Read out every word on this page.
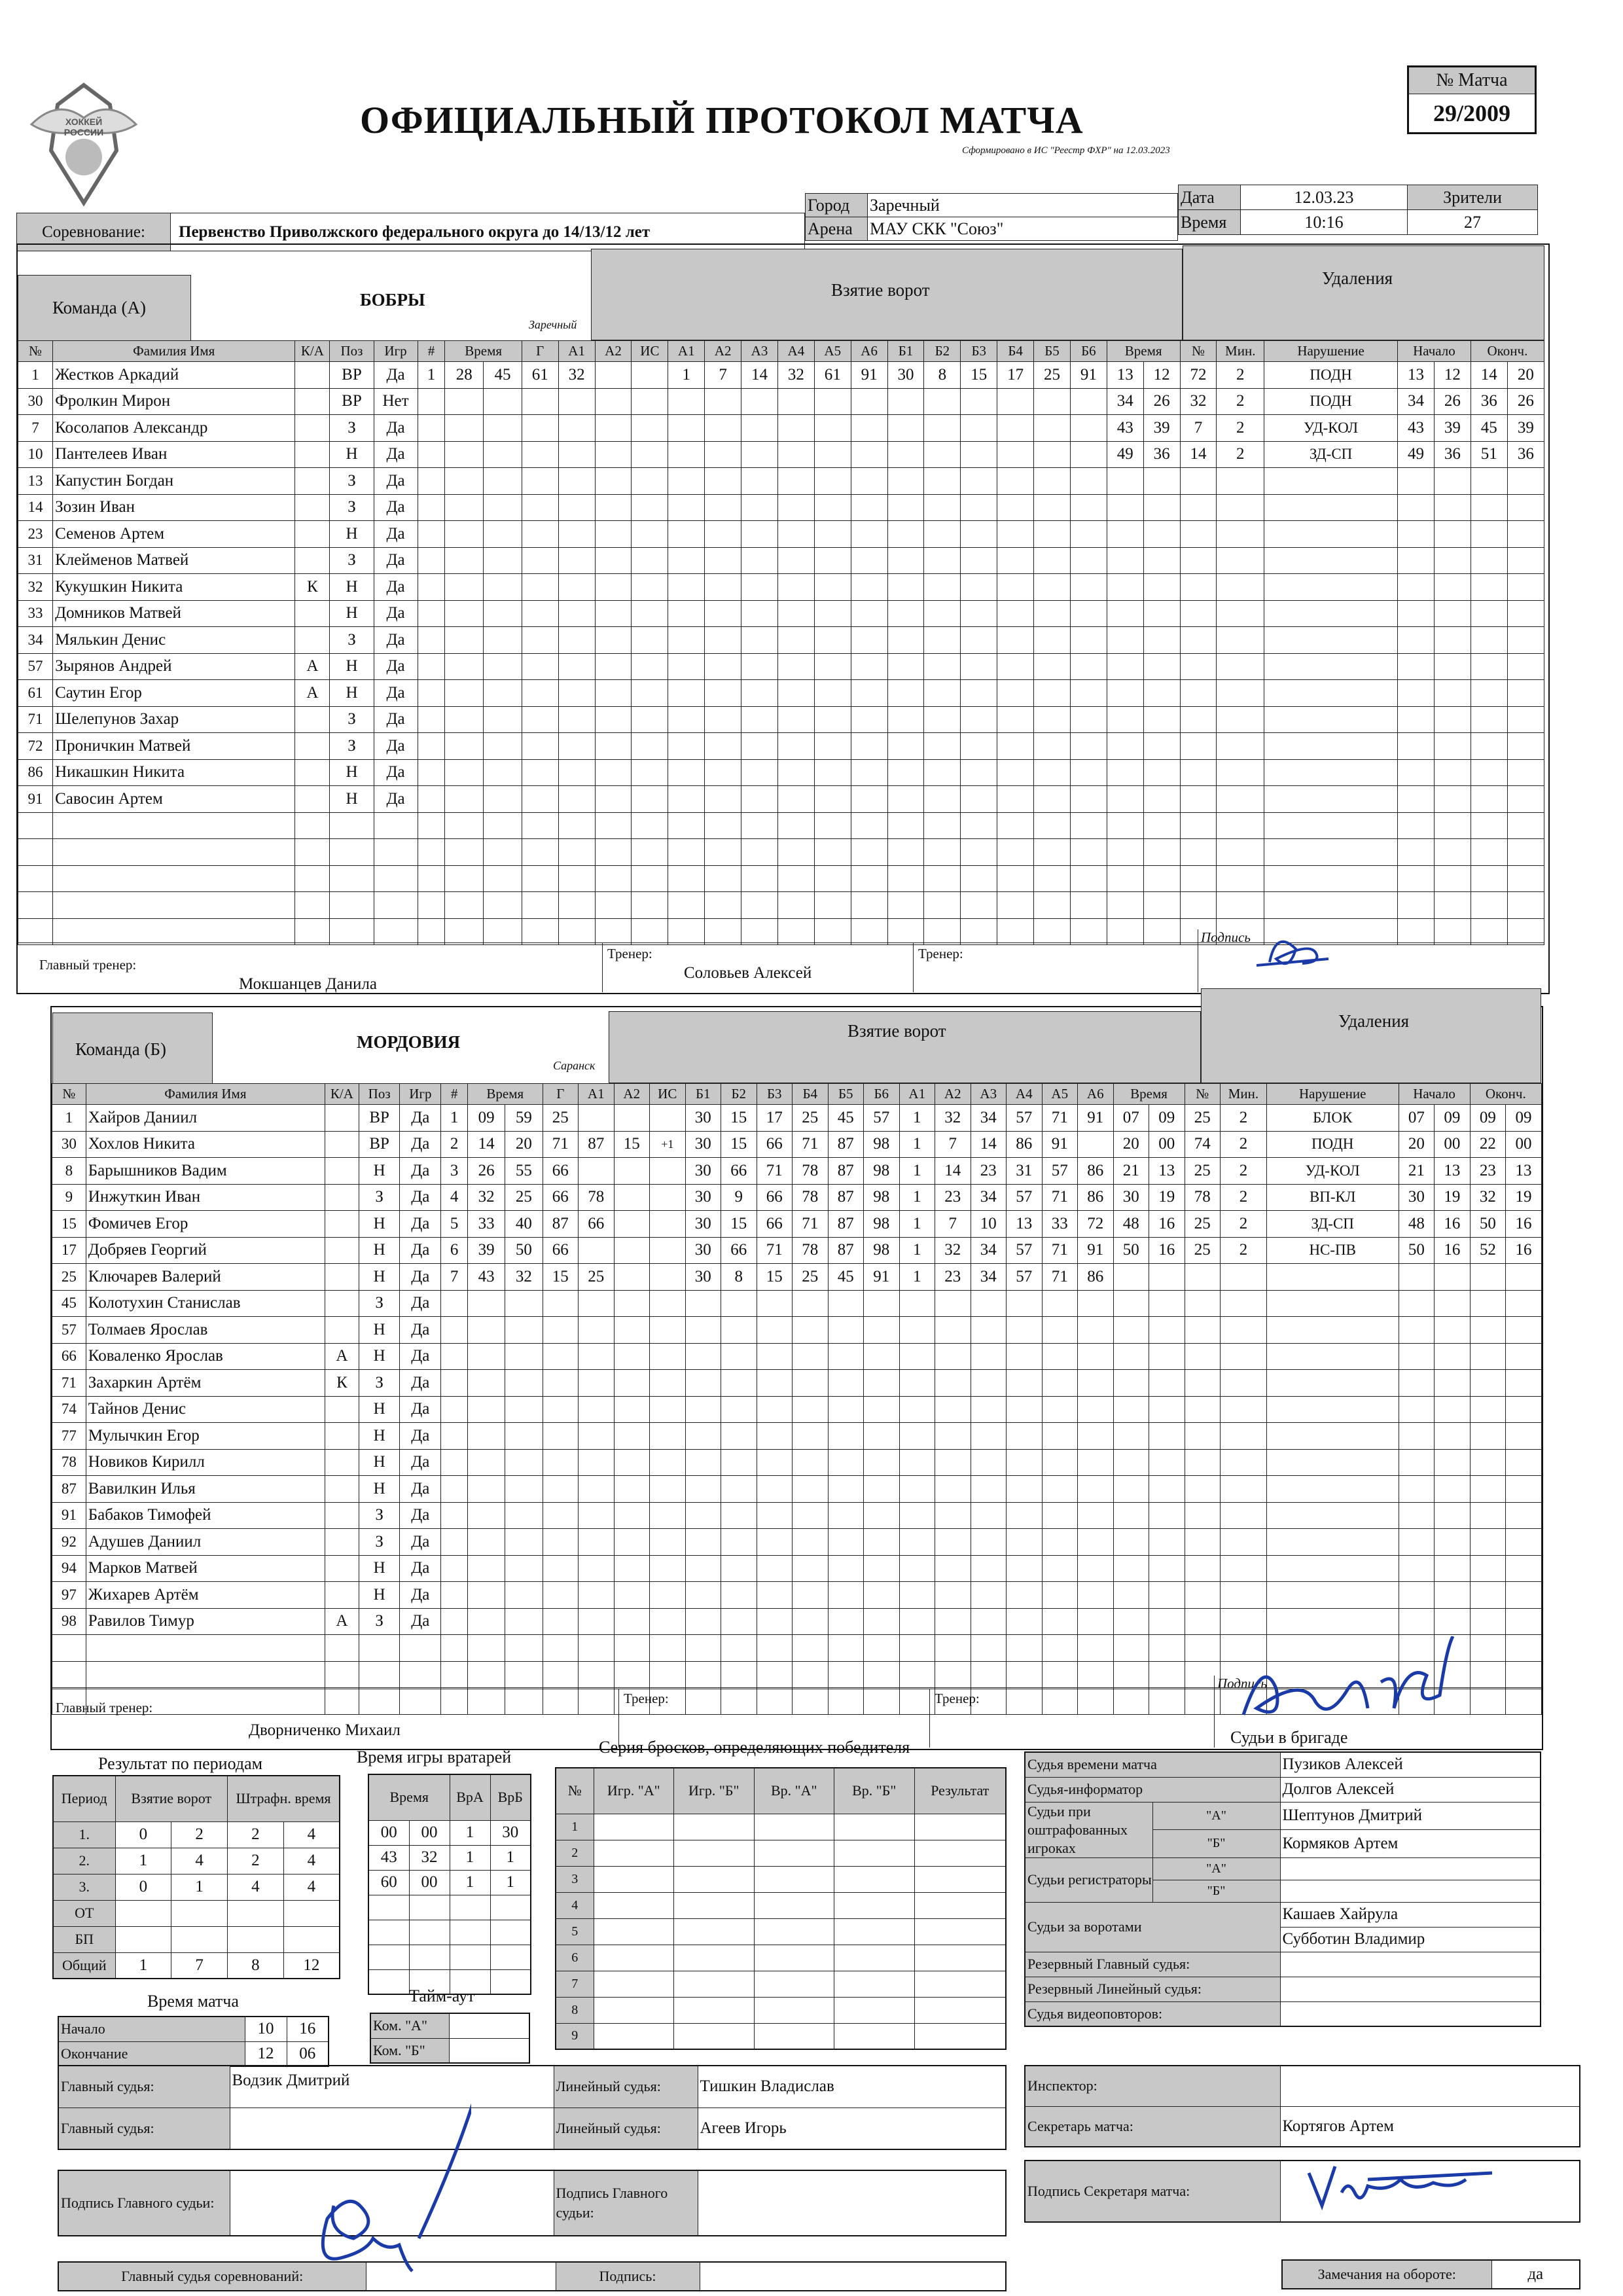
ХОККЕЙ РОССИИ	ОФИЦИАЛЬНЫЙ ПРОТОКОЛ МАТЧА
Сформировано в ИС "Реестр ФХР" на 12.03.2023
№ Матча
29/2009
Соревнование:	Первенство Приволжского федерального округа до 14/13/12 лет
Город	Заречный
Арена	МАУ СКК "Союз"
Дата	12.03.23	Зрители
Время	10:16	27
Команда (А)	БОБРЫ
Заречный
Взятие ворот
Удаления
№	Фамилия Имя	К/А	Поз	Игр	#	Время		Г	А1	А2	ИС	А1	А2	А3	А4	А5	А6	Б1	Б2	Б3	Б4	Б5	Б6	Время		№	Мин.	Нарушение	Начало		Оконч.	
1	Жестков Аркадий		ВР	Да	1	28	45	61	32			1	7	14	32	61	91	30	8	15	17	25	91	13	12	72	2	ПОДН	13	12	14	20
30	Фролкин Мирон		ВР	Нет																				34	26	32	2	ПОДН	34	26	36	26
7	Косолапов Александр		З	Да																				43	39	7	2	УД-КОЛ	43	39	45	39
10	Пантелеев Иван		Н	Да																				49	36	14	2	ЗД-СП	49	36	51	36
13	Капустин Богдан		З	Да																												
14	Зозин Иван		З	Да																												
23	Семенов Артем		Н	Да																												
31	Клейменов Матвей		З	Да																												
32	Кукушкин Никита	К	Н	Да																												
33	Домников Матвей		Н	Да																												
34	Мялькин Денис		З	Да																												
57	Зырянов Андрей	А	Н	Да																												
61	Саутин Егор	А	Н	Да																												
71	Шелепунов Захар		З	Да																												
72	Проничкин Матвей		З	Да																												
86	Никашкин Никита		Н	Да																												
91	Савосин Артем		Н	Да																												

Главный тренер:
Мокшанцев Данила
Тренер:
Соловьев Алексей
Тренер:
Подпись
Команда (Б)	МОРДОВИЯ
Саранск
Взятие ворот	Удаления
№	Фамилия Имя	К/А	Поз	Игр	#	Время		Г	А1	А2	ИС	Б1	Б2	Б3	Б4	Б5	Б6	А1	А2	А3	А4	А5	А6	Время		№	Мин.	Нарушение	Начало		Оконч.	
1	Хайров Даниил		ВР	Да	1	09	59	25				30	15	17	25	45	57	1	32	34	57	71	91	07	09	25	2	БЛОК	07	09	09	09
30	Хохлов Никита		ВР	Да	2	14	20	71	87	15	+1	30	15	66	71	87	98	1	7	14	86	91		20	00	74	2	ПОДН	20	00	22	00
8	Барышников Вадим		Н	Да	3	26	55	66				30	66	71	78	87	98	1	14	23	31	57	86	21	13	25	2	УД-КОЛ	21	13	23	13
9	Инжуткин Иван		З	Да	4	32	25	66	78			30	9	66	78	87	98	1	23	34	57	71	86	30	19	78	2	ВП-КЛ	30	19	32	19
15	Фомичев Егор		Н	Да	5	33	40	87	66			30	15	66	71	87	98	1	7	10	13	33	72	48	16	25	2	ЗД-СП	48	16	50	16
17	Добряев Георгий		Н	Да	6	39	50	66				30	66	71	78	87	98	1	32	34	57	71	91	50	16	25	2	НС-ПВ	50	16	52	16
25	Ключарев Валерий		Н	Да	7	43	32	15	25			30	8	15	25	45	91	1	23	34	57	71	86									
45	Колотухин Станислав		З	Да																												
57	Толмаев Ярослав		Н	Да																												
66	Коваленко Ярослав	А	Н	Да																												
71	Захаркин Артём	К	З	Да																												
74	Тайнов Денис		Н	Да																												
77	Мулычкин Егор		Н	Да																												
78	Новиков Кирилл		Н	Да																												
87	Вавилкин Илья		Н	Да																												
91	Бабаков Тимофей		З	Да																												
92	Адушев Даниил		З	Да																												
94	Марков Матвей		Н	Да																												
97	Жихарев Артём		Н	Да																												
98	Равилов Тимур	А	З	Да																												

Главный тренер:
Дворниченко Михаил
Тренер:	Тренер:
Подпись
Результат по периодам
Период	Взятие ворот		Штрафн. время	

1.	0	2	2	4
2.	1	4	2	4
3.	0	1	4	4
ОТ				
БП				
Общий	1	7	8	12
Время игры вратарей
Время		ВрА	ВрБ
00	00	1	30
43	32	1	1
60	00	1	1

Время матча
Начало	10	16
Окончание	12	06
Тайм-аут
Ком. "А"	
Ком. "Б"	
Серия бросков, определяющих победителя
№	Игр. "А"	Игр. "Б"	Вр. "А"	Вр. "Б"	Результат
1					
2					
3					
4					
5					
6					
7					
8					
9					
Судьи в бригаде
Судья времени матча		Пузиков Алексей
Судья-информатор		Долгов Алексей
Судьи при оштрафованных игроках	"А"	Шептунов Дмитрий
	"Б"	Кормяков Артем
Судьи регистраторы	"А"	
	"Б"	
Судьи за воротами		Кашаев Хайрула
		Субботин Владимир
Резервный Главный судья:		
Резервный Линейный судья:		
Судья видеоповторов:		
Главный судья:	Водзик Дмитрий	Линейный судья:	Тишкин Владислав
Главный судья:		Линейный судья:	Агеев Игорь
Подпись Главного судьи:		Подпись Главного судьи:	
Главный судья соревнований:		Подпись:	
Инспектор:	
Секретарь матча:	Кортягов Артем
Подпись Секретаря матча:	
Замечания на обороте:	да
